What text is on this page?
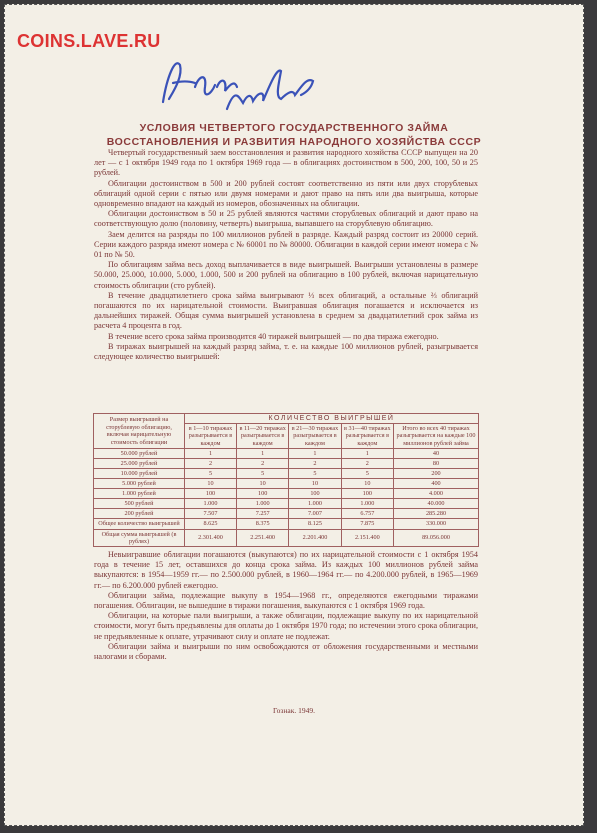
COINS.LAVE.RU
УСЛОВИЯ ЧЕТВЕРТОГО ГОСУДАРСТВЕННОГО ЗАЙМА
ВОССТАНОВЛЕНИЯ И РАЗВИТИЯ НАРОДНОГО ХОЗЯЙСТВА СССР

Четвертый государственный заем восстановления и развития народного хозяйства СССР выпущен на 20 лет — с 1 октября 1949 года по 1 октября 1969 года — в облигациях достоинством в 500, 200, 100, 50 и 25 рублей.

Облигации достоинством в 500 и 200 рублей состоят соответственно из пяти или двух сторублевых облигаций одной серии с пятью или двумя номерами и дают право на пять или два выигрыша, которые одновременно впадают на каждый из номеров, обозначенных на облигации.

Облигации достоинством в 50 и 25 рублей являются частями сторублевых облигаций и дают право на соответствующую долю (половину, четверть) выигрыша, выпавшего на сторублевую облигацию.

Заем делится на разряды по 100 миллионов рублей в разряде. Каждый разряд состоит из 20000 серий. Серии каждого разряда имеют номера с № 60001 по № 80000. Облигации в каждой серии имеют номера с № 01 по № 50.

По облигациям займа весь доход выплачивается в виде выигрышей. Выигрыши установлены в размере 50.000, 25.000, 10.000, 5.000, 1.000, 500 и 200 рублей на облигацию в 100 рублей, включая нарицательную стоимость облигации (сто рублей).

В течение двадцатилетнего срока займа выигрывают ⅓ всех облигаций, а остальные ⅔ облигаций погашаются по их нарицательной стоимости. Выигравшая облигация погашается и исключается из дальнейших тиражей. Общая сумма выигрышей установлена в среднем за двадцатилетний срок займа из расчета 4 процента в год.

В течение всего срока займа производится 40 тиражей выигрышей — по два тиража ежегодно.

В тиражах выигрышей на каждый разряд займа, т. е. на каждые 100 миллионов рублей, разыгрывается следующее количество выигрышей:

Размер выигрышей на сторублевую облигацию, включая нарицательную стоимость облигации	КОЛИЧЕСТВО ВЫИГРЫШЕЙ				
	в 1—10 тиражах разыгрывается в каждом	в 11—20 тиражах разыгрывается в каждом	в 21—30 тиражах разыгрывается в каждом	в 31—40 тиражах разыгрывается в каждом	Итого во всех 40 тиражах разыгрывается на каждые 100 миллионов рублей займа
50.000 рублей	1	1	1	1	40
25.000 рублей	2	2	2	2	80
10.000 рублей	5	5	5	5	200
5.000 рублей	10	10	10	10	400
1.000 рублей	100	100	100	100	4.000
500 рублей	1.000	1.000	1.000	1.000	40.000
200 рублей	7.507	7.257	7.007	6.757	285.280
Общее количество выигрышей	8.625	8.375	8.125	7.875	330.000
Общая сумма выигрышей (в рублях)	2.301.400	2.251.400	2.201.400	2.151.400	89.056.000

Невыигравшие облигации погашаются (выкупаются) по их нарицательной стоимости с 1 октября 1954 года в течение 15 лет, оставшихся до конца срока займа. Из каждых 100 миллионов рублей займа выкупаются: в 1954—1959 гг.— по 2.500.000 рублей, в 1960—1964 гг.— по 4.200.000 рублей, в 1965—1969 гг.— по 6.200.000 рублей ежегодно.

Облигации займа, подлежащие выкупу в 1954—1968 гг., определяются ежегодными тиражами погашения. Облигации, не вышедшие в тиражи погашения, выкупаются с 1 октября 1969 года.

Облигации, на которые пали выигрыши, а также облигации, подлежащие выкупу по их нарицательной стоимости, могут быть предъявлены для оплаты до 1 октября 1970 года; по истечении этого срока облигации, не предъявленные к оплате, утрачивают силу и оплате не подлежат.

Облигации займа и выигрыши по ним освобождаются от обложения государственными и местными налогами и сборами.

Гознак. 1949.
